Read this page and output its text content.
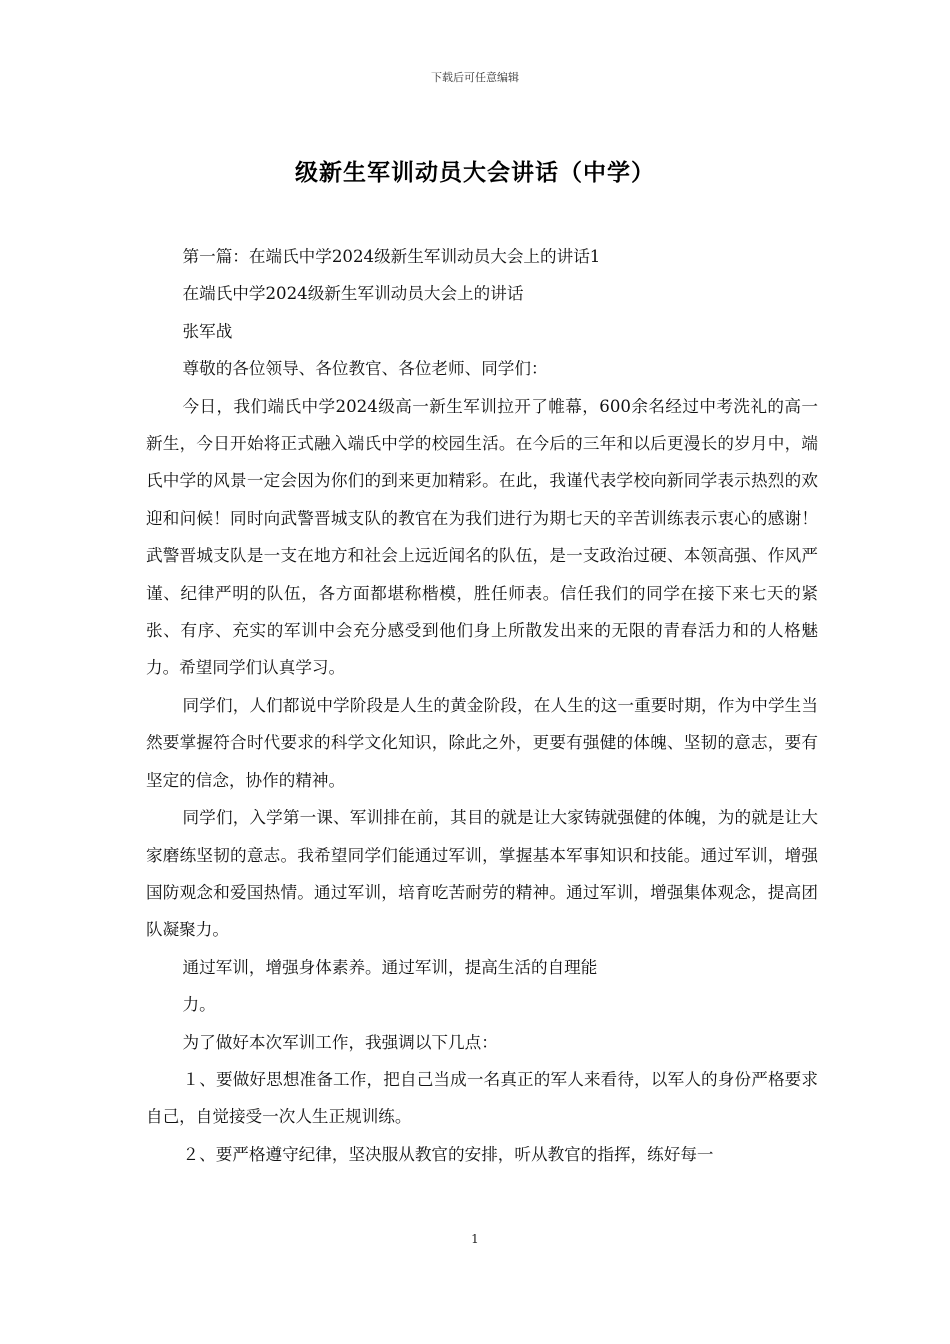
下载后可任意编辑
级新生军训动员大会讲话（中学）

第一篇：在端氏中学2024级新生军训动员大会上的讲话1

在端氏中学2024级新生军训动员大会上的讲话

张军战

尊敬的各位领导、各位教官、各位老师、同学们：

今日，我们端氏中学2024级高一新生军训拉开了帷幕，600余名经过中考洗礼的高一新生，今日开始将正式融入端氏中学的校园生活。在今后的三年和以后更漫长的岁月中，端氏中学的风景一定会因为你们的到来更加精彩。在此，我谨代表学校向新同学表示热烈的欢迎和问候！同时向武警晋城支队的教官在为我们进行为期七天的辛苦训练表示衷心的感谢！武警晋城支队是一支在地方和社会上远近闻名的队伍，是一支政治过硬、本领高强、作风严谨、纪律严明的队伍，各方面都堪称楷模，胜任师表。信任我们的同学在接下来七天的紧张、有序、充实的军训中会充分感受到他们身上所散发出来的无限的青春活力和的人格魅力。希望同学们认真学习。

同学们，人们都说中学阶段是人生的黄金阶段，在人生的这一重要时期，作为中学生当然要掌握符合时代要求的科学文化知识，除此之外，更要有强健的体魄、坚韧的意志，要有坚定的信念，协作的精神。

同学们，入学第一课、军训排在前，其目的就是让大家铸就强健的体魄，为的就是让大家磨练坚韧的意志。我希望同学们能通过军训，掌握基本军事知识和技能。通过军训，增强国防观念和爱国热情。通过军训，培育吃苦耐劳的精神。通过军训，增强集体观念，提高团队凝聚力。

通过军训，增强身体素养。通过军训，提高生活的自理能

力。

为了做好本次军训工作，我强调以下几点：

１、要做好思想准备工作，把自己当成一名真正的军人来看待，以军人的身份严格要求自己，自觉接受一次人生正规训练。

２、要严格遵守纪律，坚决服从教官的安排，听从教官的指挥，练好每一

1
